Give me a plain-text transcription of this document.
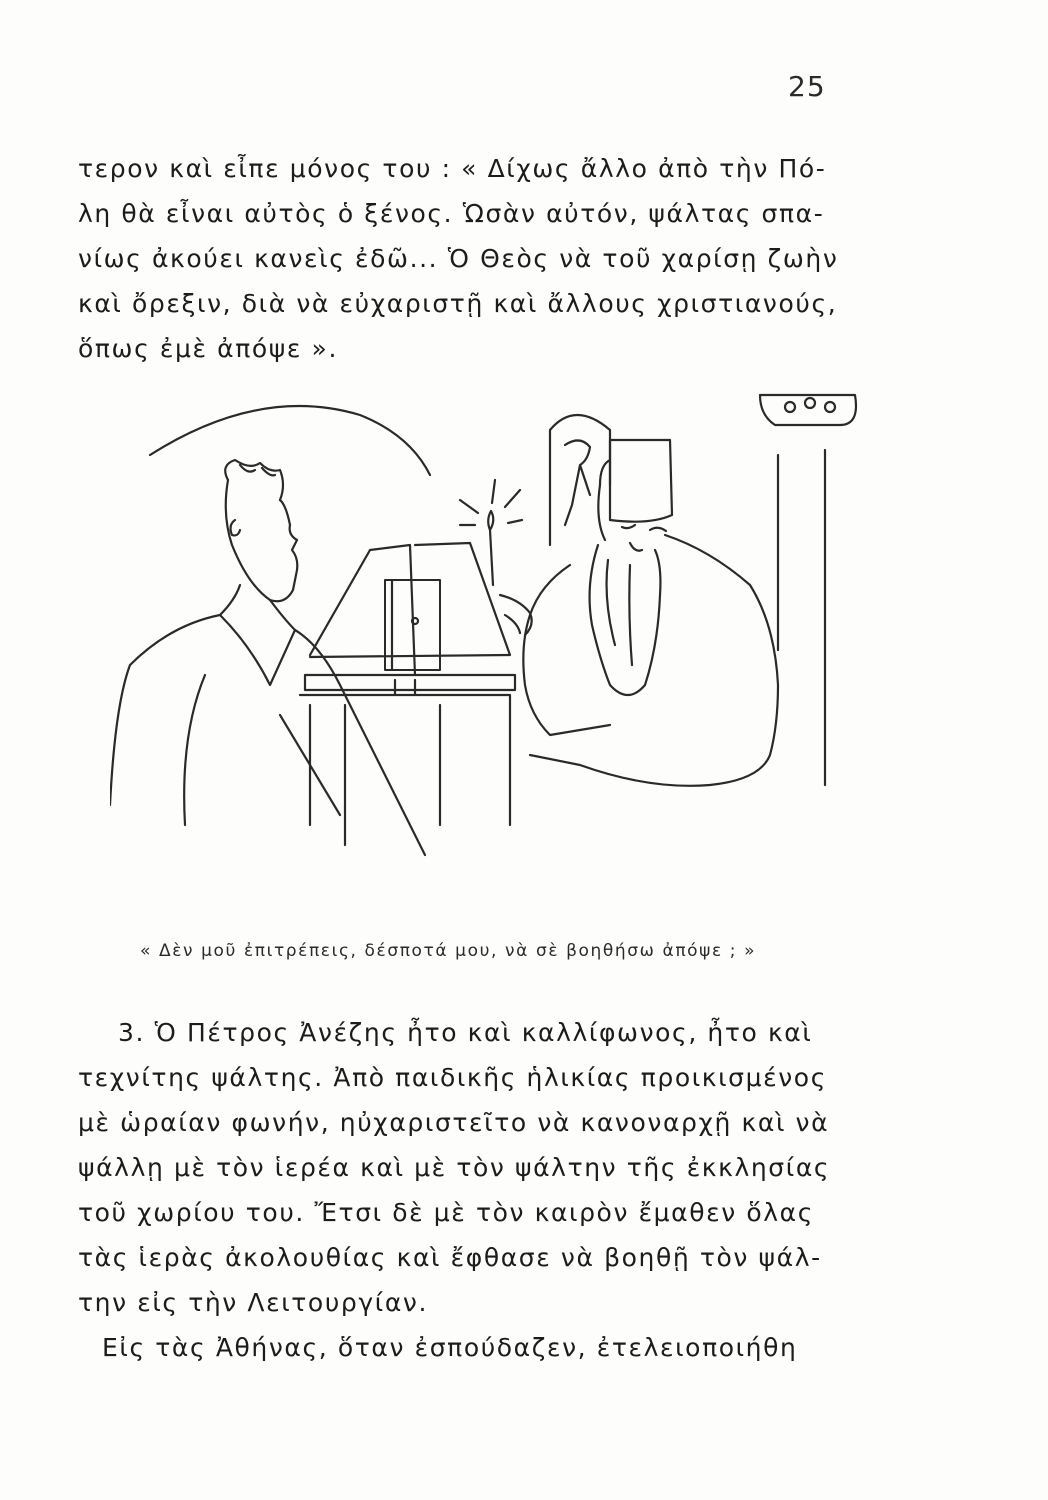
25
τερον καὶ εἶπε μόνος του : « Δίχως ἄλλο ἀπὸ τὴν Πό-
λη θὰ εἶναι αὐτὸς ὁ ξένος. Ὡσὰν αὐτόν, ψάλτας σπα-
νίως ἀκούει κανεὶς ἐδῶ... Ὁ Θεὸς νὰ τοῦ χαρίσῃ ζωὴν
καὶ ὄρεξιν, διὰ νὰ εὐχαριστῇ καὶ ἄλλους χριστιανούς,
ὅπως ἐμὲ ἀπόψε ».
« Δὲν μοῦ ἐπιτρέπεις, δέσποτά μου, νὰ σὲ βοηθήσω ἀπόψε ; »
3. Ὁ Πέτρος Ἀνέζης ἦτο καὶ καλλίφωνος, ἦτο καὶ
τεχνίτης ψάλτης. Ἀπὸ παιδικῆς ἡλικίας προικισμένος
μὲ ὡραίαν φωνήν, ηὐχαριστεῖτο νὰ κανοναρχῇ καὶ νὰ
ψάλλῃ μὲ τὸν ἱερέα καὶ μὲ τὸν ψάλτην τῆς ἐκκλησίας
τοῦ χωρίου του. Ἔτσι δὲ μὲ τὸν καιρὸν ἔμαθεν ὅλας
τὰς ἱερὰς ἀκολουθίας καὶ ἔφθασε νὰ βοηθῇ τὸν ψάλ-
την εἰς τὴν Λειτουργίαν.
Εἰς τὰς Ἀθήνας, ὅταν ἐσπούδαζεν, ἐτελειοποιήθη
